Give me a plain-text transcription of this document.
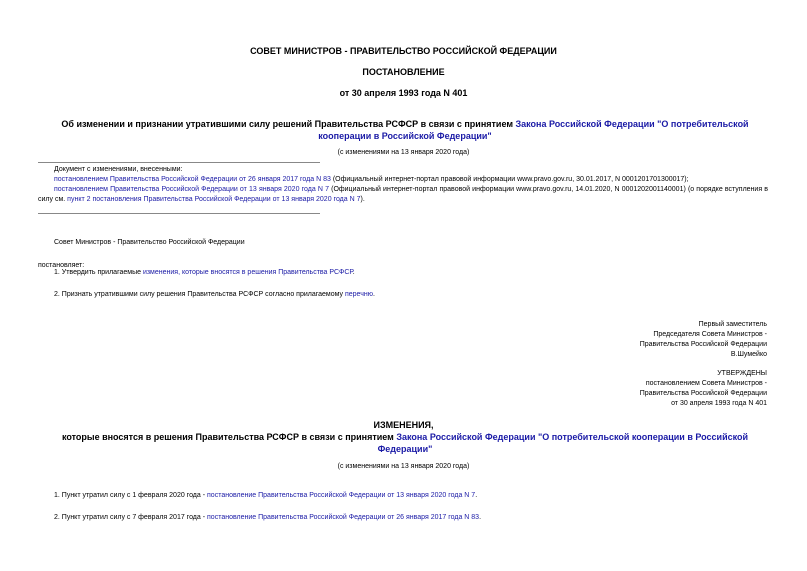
СОВЕТ МИНИСТРОВ - ПРАВИТЕЛЬСТВО РОССИЙСКОЙ ФЕДЕРАЦИИ
ПОСТАНОВЛЕНИЕ
от 30 апреля 1993 года N 401
Об изменении и признании утратившими силу решений Правительства РСФСР в связи с принятием Закона Российской Федерации "О потребительской кооперации в Российской Федерации"
(с изменениями на 13 января 2020 года)
Документ с изменениями, внесенными:
постановлением Правительства Российской Федерации от 26 января 2017 года N 83 (Официальный интернет-портал правовой информации www.pravo.gov.ru, 30.01.2017, N 0001201701300017);
постановлением Правительства Российской Федерации от 13 января 2020 года N 7 (Официальный интернет-портал правовой информации www.pravo.gov.ru, 14.01.2020, N 0001202001140001) (о порядке вступления в силу см. пункт 2 постановления Правительства Российской Федерации от 13 января 2020 года N 7).
Совет Министров - Правительство Российской Федерации
постановляет:
1. Утвердить прилагаемые изменения, которые вносятся в решения Правительства РСФСР.
2. Признать утратившими силу решения Правительства РСФСР согласно прилагаемому перечню.
Первый заместитель
Председателя Совета Министров -
Правительства Российской Федерации
В.Шумейко
УТВЕРЖДЕНЫ
постановлением Совета Министров -
Правительства Российской Федерации
от 30 апреля 1993 года N 401
ИЗМЕНЕНИЯ,
которые вносятся в решения Правительства РСФСР в связи с принятием Закона Российской Федерации "О потребительской кооперации в Российской Федерации"
(с изменениями на 13 января 2020 года)
1. Пункт утратил силу с 1 февраля 2020 года - постановление Правительства Российской Федерации от 13 января 2020 года N 7.
2. Пункт утратил силу с 7 февраля 2017 года - постановление Правительства Российской Федерации от 26 января 2017 года N 83.
